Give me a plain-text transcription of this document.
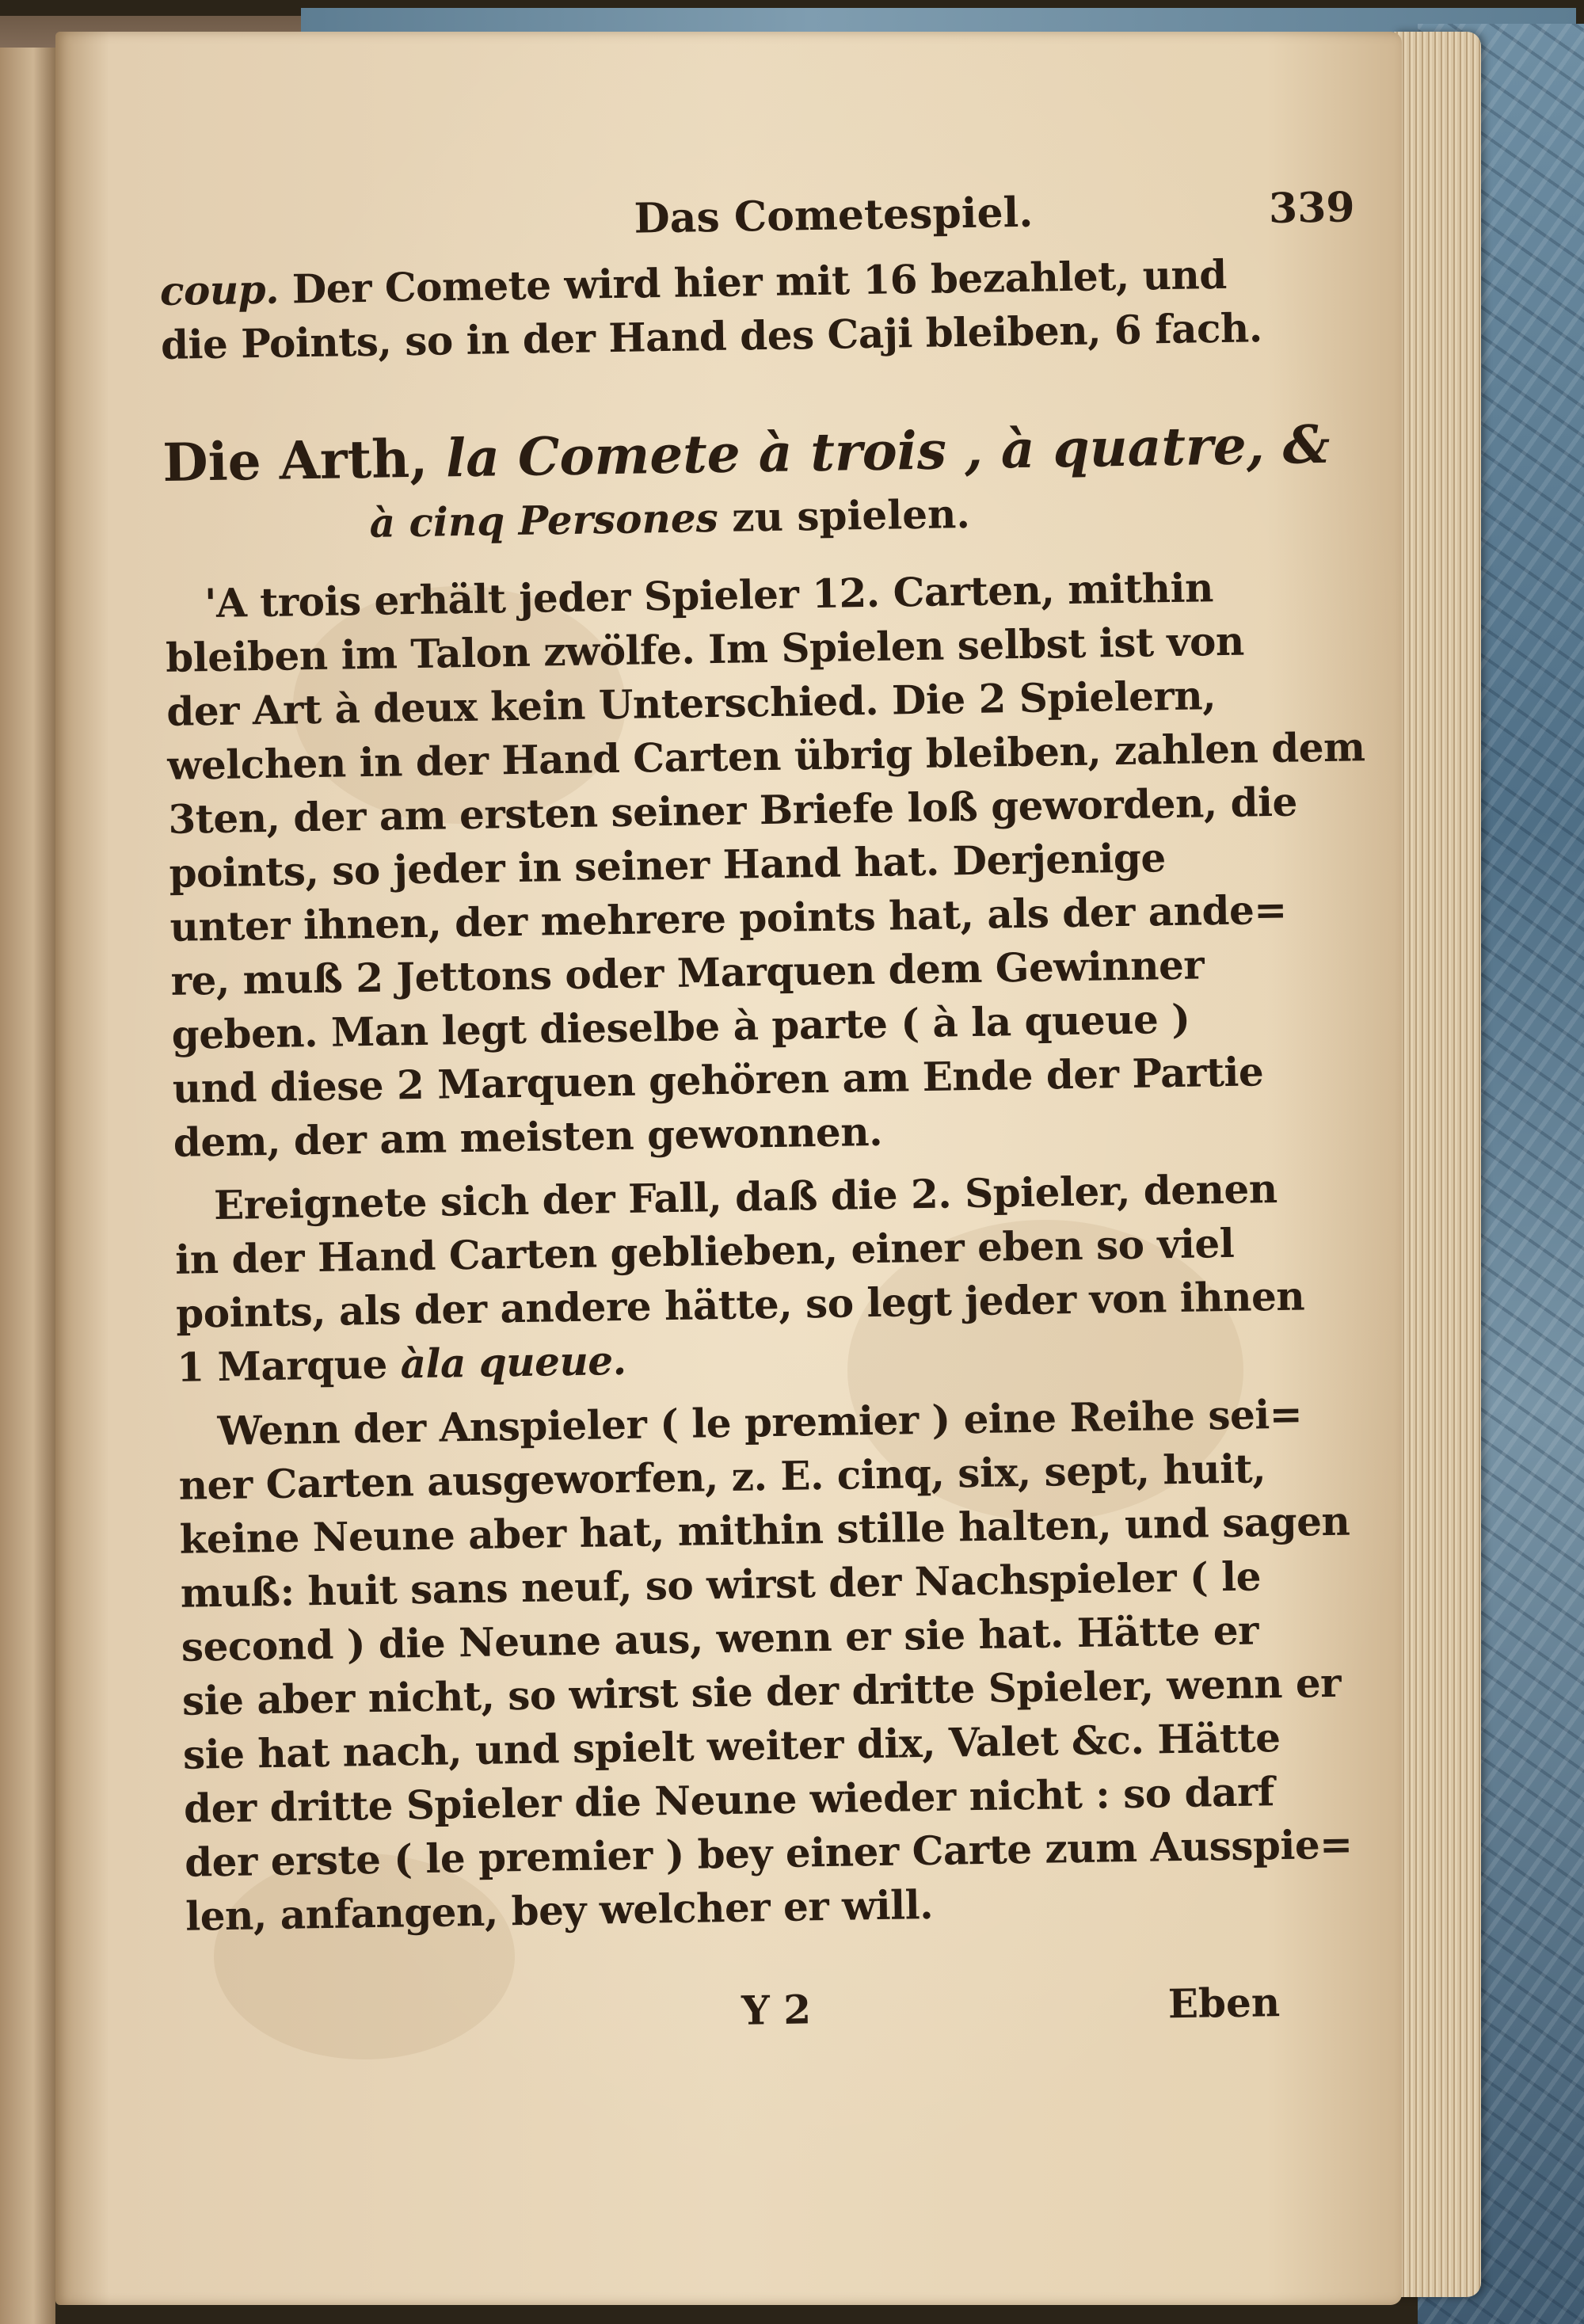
Das Cometespiel.	339
coup. Der Comete wird hier mit 16 bezahlet, und
die Points, so in der Hand des Caji bleiben, 6 fach.
Die Arth, la Comete à trois , à quatre, &
à cinq Persones zu spielen.
'A trois erhält jeder Spieler 12. Carten, mithin
bleiben im Talon zwölfe. Im Spielen selbst ist von
der Art à deux kein Unterschied. Die 2 Spielern,
welchen in der Hand Carten übrig bleiben, zahlen dem
3ten, der am ersten seiner Briefe loß geworden, die
points, so jeder in seiner Hand hat. Derjenige
unter ihnen, der mehrere points hat, als der ande=
re, muß 2 Jettons oder Marquen dem Gewinner
geben. Man legt dieselbe à parte ( à la queue )
und diese 2 Marquen gehören am Ende der Partie
dem, der am meisten gewonnen.
Ereignete sich der Fall, daß die 2. Spieler, denen
in der Hand Carten geblieben, einer eben so viel
points, als der andere hätte, so legt jeder von ihnen
1 Marque àla queue.
Wenn der Anspieler ( le premier ) eine Reihe sei=
ner Carten ausgeworfen, z. E. cinq, six, sept, huit,
keine Neune aber hat, mithin stille halten, und sagen
muß: huit sans neuf, so wirst der Nachspieler ( le
second ) die Neune aus, wenn er sie hat. Hätte er
sie aber nicht, so wirst sie der dritte Spieler, wenn er
sie hat nach, und spielt weiter dix, Valet &c. Hätte
der dritte Spieler die Neune wieder nicht : so darf
der erste ( le premier ) bey einer Carte zum Ausspie=
len, anfangen, bey welcher er will.
Y 2	Eben
